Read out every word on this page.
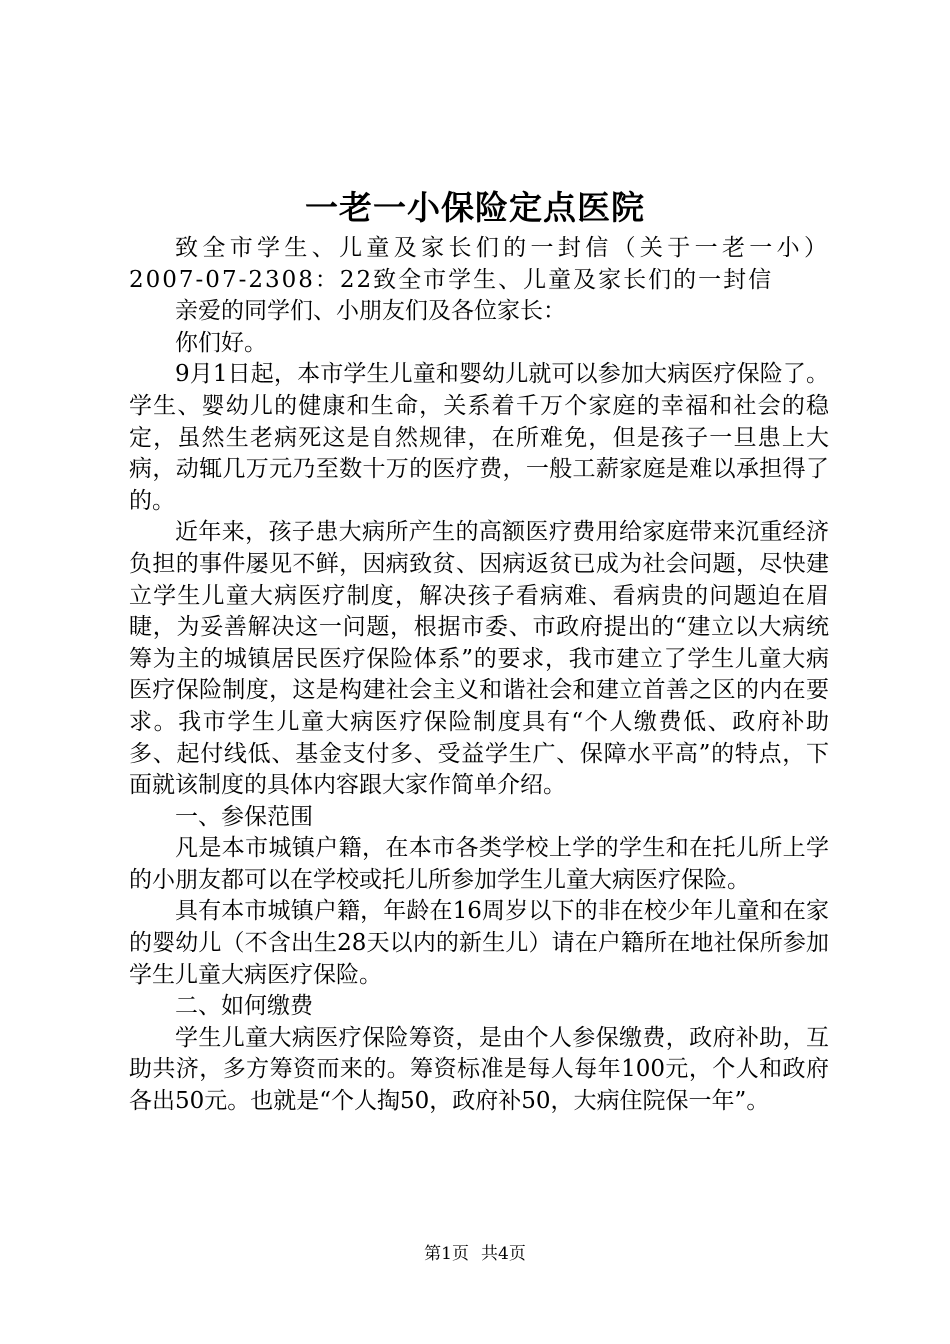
一老一小保险定点医院

致全市学生、儿童及家长们的一封信（关于一老一小）2007-07-2308：22致全市学生、儿童及家长们的一封信

亲爱的同学们、小朋友们及各位家长：

你们好。

9月1日起，本市学生儿童和婴幼儿就可以参加大病医疗保险了。学生、婴幼儿的健康和生命，关系着千万个家庭的幸福和社会的稳定，虽然生老病死这是自然规律，在所难免，但是孩子一旦患上大病，动辄几万元乃至数十万的医疗费，一般工薪家庭是难以承担得了的。

近年来，孩子患大病所产生的高额医疗费用给家庭带来沉重经济负担的事件屡见不鲜，因病致贫、因病返贫已成为社会问题，尽快建立学生儿童大病医疗制度，解决孩子看病难、看病贵的问题迫在眉睫，为妥善解决这一问题，根据市委、市政府提出的“建立以大病统筹为主的城镇居民医疗保险体系”的要求，我市建立了学生儿童大病医疗保险制度，这是构建社会主义和谐社会和建立首善之区的内在要求。我市学生儿童大病医疗保险制度具有“个人缴费低、政府补助多、起付线低、基金支付多、受益学生广、保障水平高”的特点，下面就该制度的具体内容跟大家作简单介绍。

一、参保范围

凡是本市城镇户籍，在本市各类学校上学的学生和在托儿所上学的小朋友都可以在学校或托儿所参加学生儿童大病医疗保险。

具有本市城镇户籍，年龄在16周岁以下的非在校少年儿童和在家的婴幼儿（不含出生28天以内的新生儿）请在户籍所在地社保所参加学生儿童大病医疗保险。

二、如何缴费

学生儿童大病医疗保险筹资，是由个人参保缴费，政府补助，互助共济，多方筹资而来的。筹资标准是每人每年100元，个人和政府各出50元。也就是“个人掏50，政府补50，大病住院保一年”。

第1页 共4页
